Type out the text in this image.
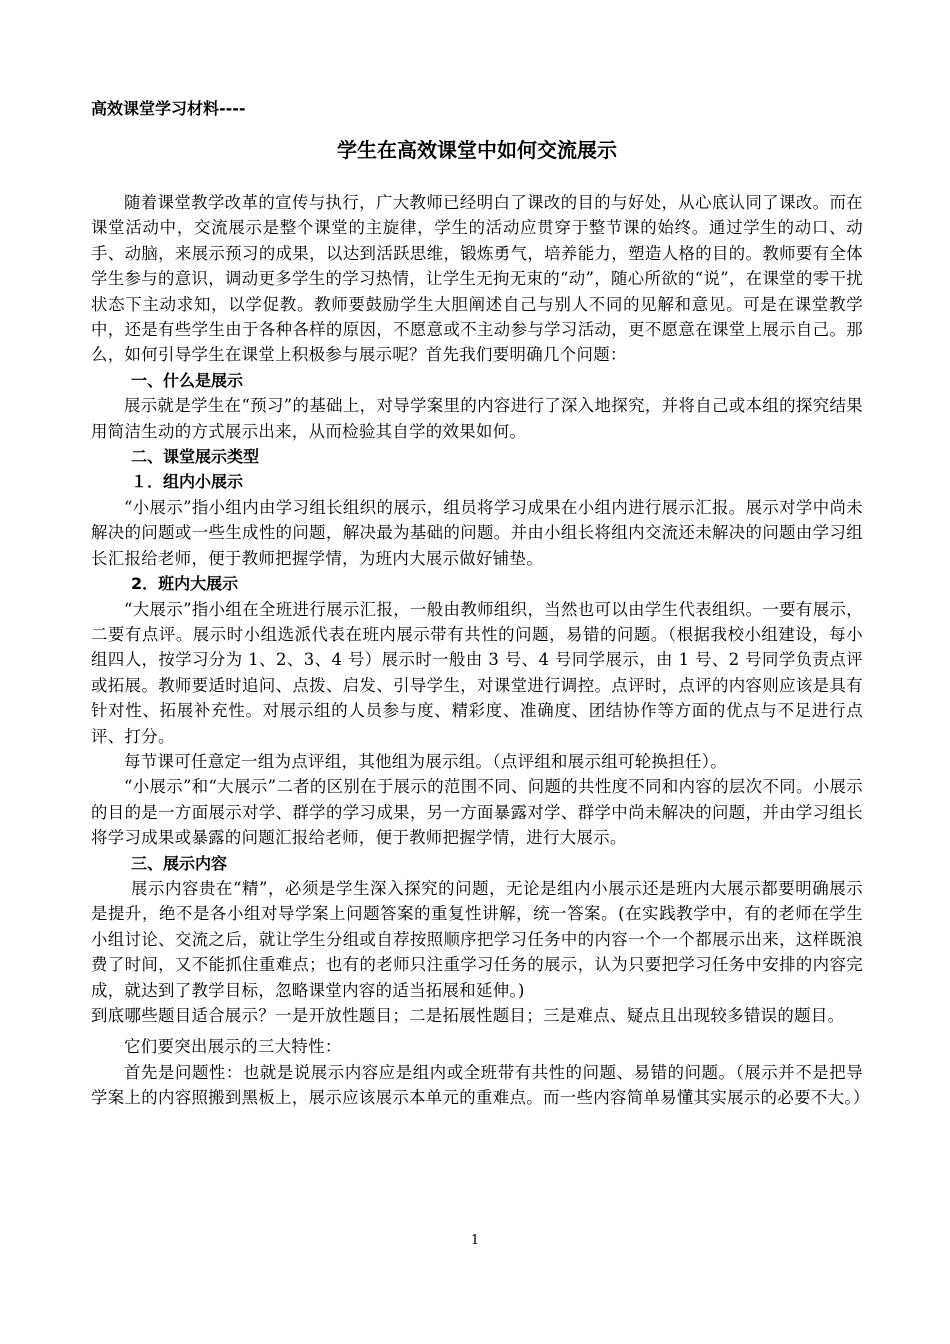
高效课堂学习材料----

学生在高效课堂中如何交流展示

随着课堂教学改革的宣传与执行，广大教师已经明白了课改的目的与好处，从心底认同了课改。而在课堂活动中，交流展示是整个课堂的主旋律，学生的活动应贯穿于整节课的始终。通过学生的动口、动手、动脑，来展示预习的成果，以达到活跃思维，锻炼勇气，培养能力，塑造人格的目的。教师要有全体学生参与的意识，调动更多学生的学习热情，让学生无拘无束的“动”，随心所欲的“说”，在课堂的零干扰状态下主动求知，以学促教。教师要鼓励学生大胆阐述自己与别人不同的见解和意见。可是在课堂教学中，还是有些学生由于各种各样的原因，不愿意或不主动参与学习活动，更不愿意在课堂上展示自己。那么，如何引导学生在课堂上积极参与展示呢？首先我们要明确几个问题：

一、什么是展示

展示就是学生在“预习”的基础上，对导学案里的内容进行了深入地探究，并将自己或本组的探究结果用简洁生动的方式展示出来，从而检验其自学的效果如何。

二、课堂展示类型

１．组内小展示

“小展示”指小组内由学习组长组织的展示，组员将学习成果在小组内进行展示汇报。展示对学中尚未解决的问题或一些生成性的问题，解决最为基础的问题。并由小组长将组内交流还未解决的问题由学习组长汇报给老师，便于教师把握学情，为班内大展示做好铺垫。

2．班内大展示

“大展示”指小组在全班进行展示汇报，一般由教师组织，当然也可以由学生代表组织。一要有展示，二要有点评。展示时小组选派代表在班内展示带有共性的问题，易错的问题。（根据我校小组建设，每小组四人，按学习分为 1、2、3、4 号）展示时一般由 3 号、4 号同学展示，由 1 号、2 号同学负责点评或拓展。教师要适时追问、点拨、启发、引导学生，对课堂进行调控。点评时，点评的内容则应该是具有针对性、拓展补充性。对展示组的人员参与度、精彩度、准确度、团结协作等方面的优点与不足进行点评、打分。

每节课可任意定一组为点评组，其他组为展示组。（点评组和展示组可轮换担任）。

“小展示”和“大展示”二者的区别在于展示的范围不同、问题的共性度不同和内容的层次不同。小展示的目的是一方面展示对学、群学的学习成果，另一方面暴露对学、群学中尚未解决的问题，并由学习组长将学习成果或暴露的问题汇报给老师，便于教师把握学情，进行大展示。

三、展示内容

展示内容贵在“精”，必须是学生深入探究的问题，无论是组内小展示还是班内大展示都要明确展示是提升，绝不是各小组对导学案上问题答案的重复性讲解，统一答案。(在实践教学中，有的老师在学生小组讨论、交流之后，就让学生分组或自荐按照顺序把学习任务中的内容一个一个都展示出来，这样既浪费了时间，又不能抓住重难点；也有的老师只注重学习任务的展示，认为只要把学习任务中安排的内容完成，就达到了教学目标，忽略课堂内容的适当拓展和延伸。)

到底哪些题目适合展示？一是开放性题目；二是拓展性题目；三是难点、疑点且出现较多错误的题目。

它们要突出展示的三大特性：

首先是问题性：也就是说展示内容应是组内或全班带有共性的问题、易错的问题。（展示并不是把导学案上的内容照搬到黑板上，展示应该展示本单元的重难点。而一些内容简单易懂其实展示的必要不大。）

1
